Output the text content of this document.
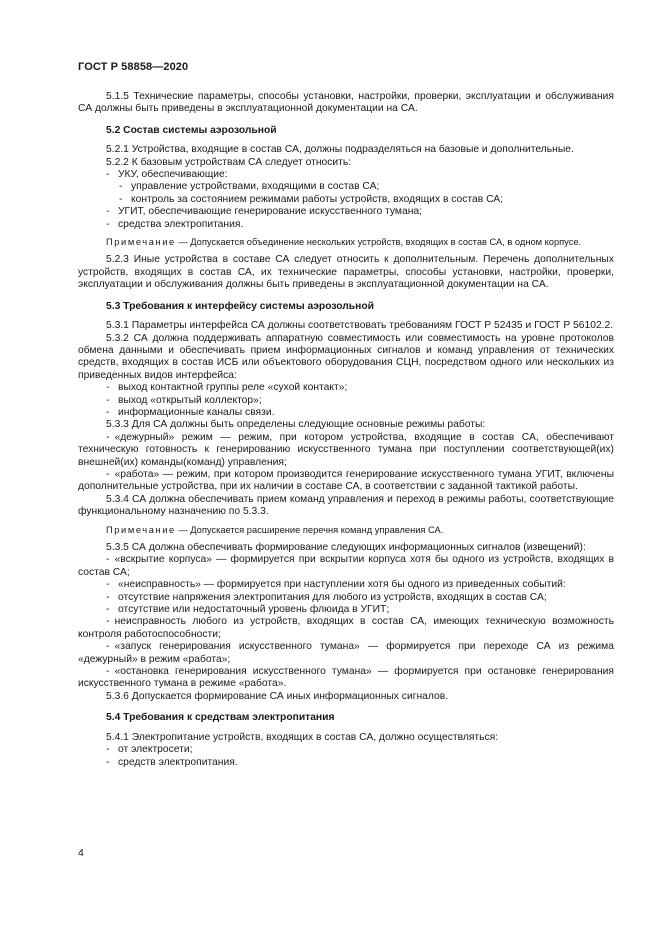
ГОСТ Р 58858—2020

5.1.5 Технические параметры, способы установки, настройки, проверки, эксплуатации и обслуживания СА должны быть приведены в эксплуатационной документации на СА.

5.2 Состав системы аэрозольной

5.2.1 Устройства, входящие в состав СА, должны подразделяться на базовые и дополнительные.

5.2.2 К базовым устройствам СА следует относить:

- УКУ, обеспечивающие:

- управление устройствами, входящими в состав СА;

- контроль за состоянием режимами работы устройств, входящих в состав СА;

- УГИТ, обеспечивающие генерирование искусственного тумана;

- средства электропитания.

Примечание — Допускается объединение нескольких устройств, входящих в состав СА, в одном корпусе.

5.2.3 Иные устройства в составе СА следует относить к дополнительным. Перечень дополнительных устройств, входящих в состав СА, их технические параметры, способы установки, настройки, проверки, эксплуатации и обслуживания должны быть приведены в эксплуатационной документации на СА.

5.3 Требования к интерфейсу системы аэрозольной

5.3.1 Параметры интерфейса СА должны соответствовать требованиям ГОСТ Р 52435 и ГОСТ Р 56102.2.

5.3.2 СА должна поддерживать аппаратную совместимость или совместимость на уровне протоколов обмена данными и обеспечивать прием информационных сигналов и команд управления от технических средств, входящих в состав ИСБ или объектового оборудования СЦН, посредством одного или нескольких из приведенных видов интерфейса:

- выход контактной группы реле «сухой контакт»;

- выход «открытый коллектор»;

- информационные каналы связи.

5.3.3 Для СА должны быть определены следующие основные режимы работы:

- «дежурный» режим — режим, при котором устройства, входящие в состав СА, обеспечивают техническую готовность к генерированию искусственного тумана при поступлении соответствующей(их) внешней(их) команды(команд) управления;

- «работа» — режим, при котором производится генерирование искусственного тумана УГИТ, включены дополнительные устройства, при их наличии в составе СА, в соответствии с заданной тактикой работы.

5.3.4 СА должна обеспечивать прием команд управления и переход в режимы работы, соответствующие функциональному назначению по 5.3.3.

Примечание — Допускается расширение перечня команд управления СА.

5.3.5 СА должна обеспечивать формирование следующих информационных сигналов (извещений):

- «вскрытие корпуса» — формируется при вскрытии корпуса хотя бы одного из устройств, входящих в состав СА;

- «неисправность» — формируется при наступлении хотя бы одного из приведенных событий:

- отсутствие напряжения электропитания для любого из устройств, входящих в состав СА;

- отсутствие или недостаточный уровень флюида в УГИТ;

- неисправность любого из устройств, входящих в состав СА, имеющих техническую возможность контроля работоспособности;

- «запуск генерирования искусственного тумана» — формируется при переходе СА из режима «дежурный» в режим «работа»;

- «остановка генерирования искусственного тумана» — формируется при остановке генерирования искусственного тумана в режиме «работа».

5.3.6 Допускается формирование СА иных информационных сигналов.

5.4 Требования к средствам электропитания

5.4.1 Электропитание устройств, входящих в состав СА, должно осуществляться:

- от электросети;

- средств электропитания.

4
